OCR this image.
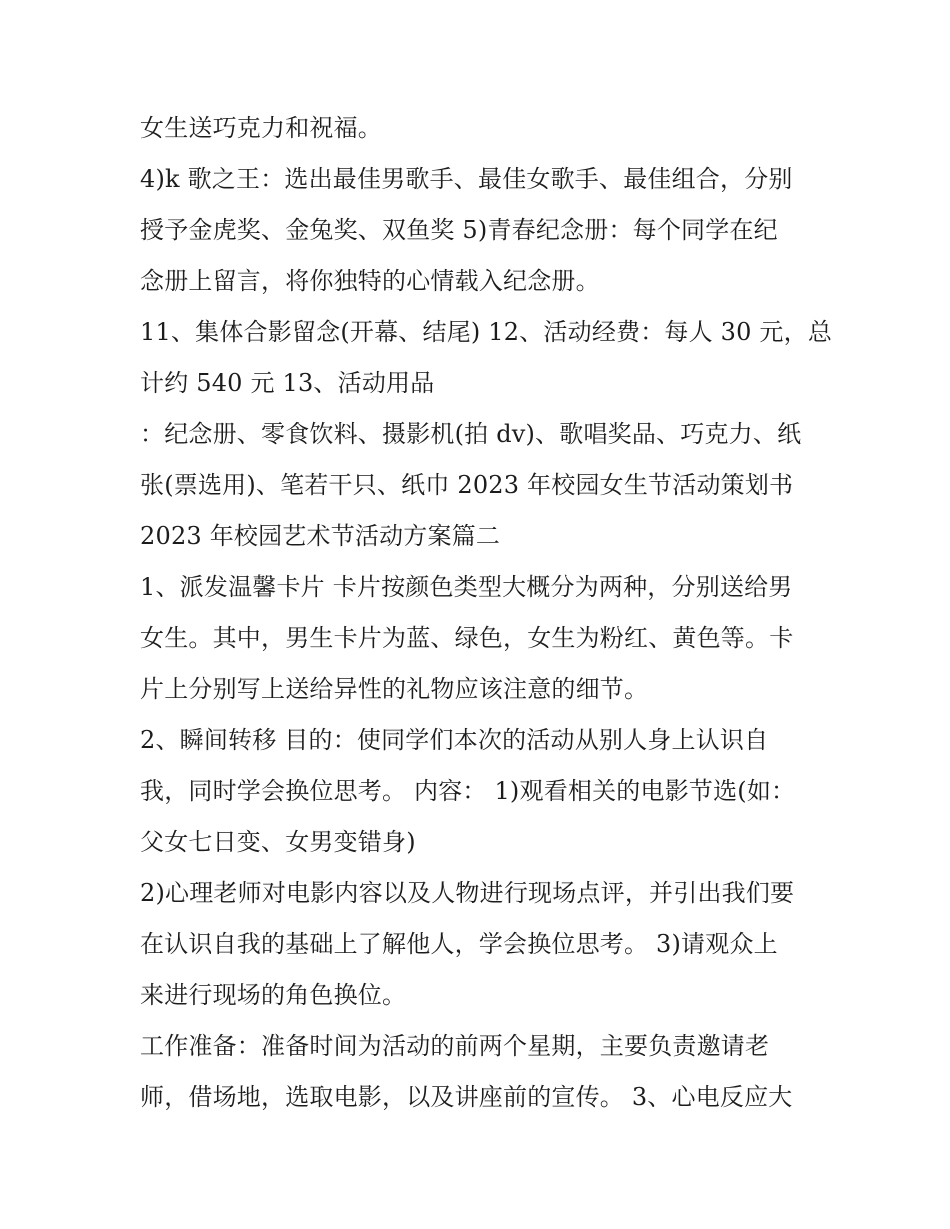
女生送巧克力和祝福。
4)k 歌之王：选出最佳男歌手、最佳女歌手、最佳组合，分别
授予金虎奖、金兔奖、双鱼奖 5)青春纪念册：每个同学在纪
念册上留言，将你独特的心情载入纪念册。
11、集体合影留念(开幕、结尾) 12、活动经费：每人 30 元，总
计约 540 元 13、活动用品
：纪念册、零食饮料、摄影机(拍 dv)、歌唱奖品、巧克力、纸
张(票选用)、笔若干只、纸巾 2023 年校园女生节活动策划书
2023 年校园艺术节活动方案篇二
1、派发温馨卡片 卡片按颜色类型大概分为两种，分别送给男
女生。其中，男生卡片为蓝、绿色，女生为粉红、黄色等。卡
片上分别写上送给异性的礼物应该注意的细节。
2、瞬间转移 目的：使同学们本次的活动从别人身上认识自
我，同时学会换位思考。 内容： 1)观看相关的电影节选(如：
父女七日变、女男变错身)
2)心理老师对电影内容以及人物进行现场点评，并引出我们要
在认识自我的基础上了解他人，学会换位思考。 3)请观众上
来进行现场的角色换位。
工作准备：准备时间为活动的前两个星期，主要负责邀请老
师，借场地，选取电影，以及讲座前的宣传。 3、心电反应大
